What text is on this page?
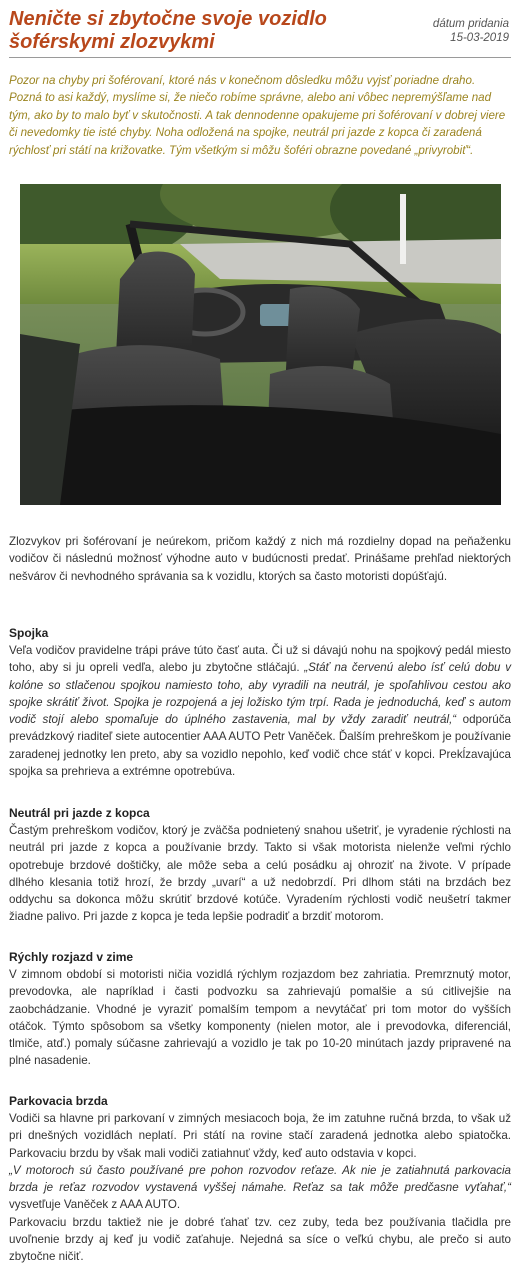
Neničte si zbytočne svoje vozidlo šoférskymi zlozvykmi
dátum pridania
15-03-2019

Pozor na chyby pri šoférovaní, ktoré nás v konečnom dôsledku môžu vyjsť poriadne draho. Pozná to asi každý, myslíme si, že niečo robíme správne, alebo ani vôbec nepremýšľame nad tým, ako by to malo byť v skutočnosti. A tak dennodenne opakujeme pri šoférovaní v dobrej viere či nevedomky tie isté chyby. Noha odložená na spojke, neutrál pri jazde z kopca či zaradená rýchlosť pri státí na križovatke. Tým všetkým si môžu šoféri obrazne povedané „privyrobiť“.

Zlozvykov pri šoférovaní je neúrekom, pričom každý z nich má rozdielny dopad na peňaženku vodičov či následnú možnosť výhodne auto v budúcnosti predať. Prinášame prehľad niektorých nešvárov či nevhodného správania sa k vozidlu, ktorých sa často motoristi dopúšťajú.

Spojka

Veľa vodičov pravidelne trápi práve túto časť auta. Či už si dávajú nohu na spojkový pedál miesto toho, aby si ju opreli vedľa, alebo ju zbytočne stláčajú. „Stáť na červenú alebo ísť celú dobu v kolóne so stlačenou spojkou namiesto toho, aby vyradili na neutrál, je spoľahlivou cestou ako spojke skrátiť život. Spojka je rozpojená a jej ložisko tým trpí. Rada je jednoduchá, keď s autom vodič stojí alebo spomaľuje do úplného zastavenia, mal by vždy zaradiť neutrál,“ odporúča prevádzkový riaditeľ siete autocentier AAA AUTO Petr Vaněček. Ďalším prehreškom je používanie zaradenej jednotky len preto, aby sa vozidlo nepohlo, keď vodič chce stáť v kopci. Prekĺzavajúca spojka sa prehrieva a extrémne opotrebúva.

Neutrál pri jazde z kopca

Častým prehreškom vodičov, ktorý je zväčša podnietený snahou ušetriť, je vyradenie rýchlosti na neutrál pri jazde z kopca a používanie brzdy. Takto si však motorista nielenže veľmi rýchlo opotrebuje brzdové doštičky, ale môže seba a celú posádku aj ohroziť na živote. V prípade dlhého klesania totiž hrozí, že brzdy „uvarí“ a už nedobrzdí. Pri dlhom státi na brzdách bez oddychu sa dokonca môžu skrútiť brzdové kotúče. Vyradením rýchlosti vodič neušetrí takmer žiadne palivo. Pri jazde z kopca je teda lepšie podradiť a brzdiť motorom.

Rýchly rozjazd v zime

V zimnom období si motoristi ničia vozidlá rýchlym rozjazdom bez zahriatia. Premrznutý motor, prevodovka, ale napríklad i časti podvozku sa zahrievajú pomalšie a sú citlivejšie na zaobchádzanie. Vhodné je vyraziť pomalším tempom a nevytáčať pri tom motor do vyšších otáčok. Týmto spôsobom sa všetky komponenty (nielen motor, ale i prevodovka, diferenciál, tlmiče, atď.) pomaly súčasne zahrievajú a vozidlo je tak po 10-20 minútach jazdy pripravené na plné nasadenie.

Parkovacia brzda

Vodiči sa hlavne pri parkovaní v zimných mesiacoch boja, že im zatuhne ručná brzda, to však už pri dnešných vozidlách neplatí. Pri státí na rovine stačí zaradená jednotka alebo spiatočka. Parkovaciu brzdu by však mali vodiči zatiahnuť vždy, keď auto odstavia v kopci.
„V motoroch sú často používané pre pohon rozvodov reťaze. Ak nie je zatiahnutá parkovacia brzda je reťaz rozvodov vystavená vyššej námahe. Reťaz sa tak môže predčasne vyťahať,“ vysvetľuje Vaněček z AAA AUTO.
Parkovaciu brzdu taktiež nie je dobré ťahať tzv. cez zuby, teda bez používania tlačidla pre uvoľnenie brzdy aj keď ju vodič zaťahuje. Nejedná sa síce o veľkú chybu, ale prečo si auto zbytočne ničiť.
